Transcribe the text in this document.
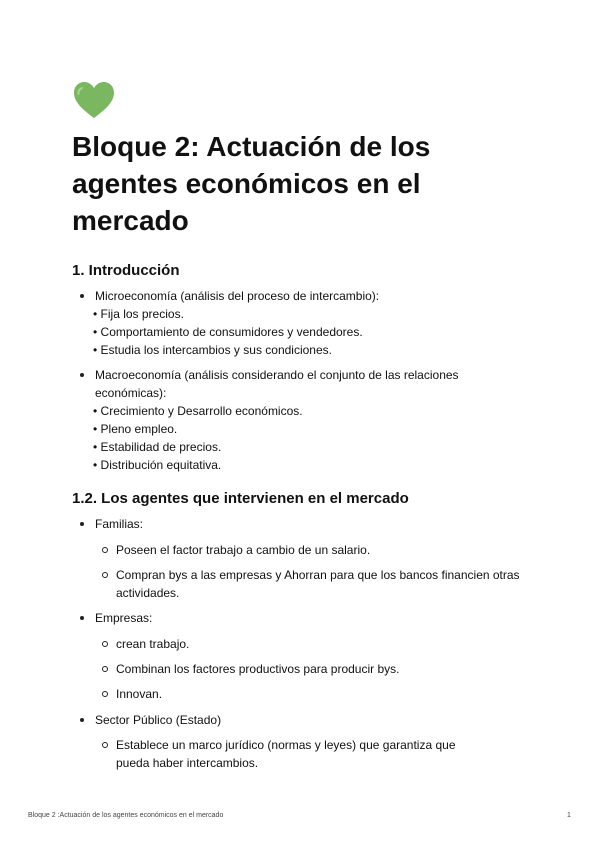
Bloque 2: Actuación de los agentes económicos en el mercado
1. Introducción
Microeconomía (análisis del proceso de intercambio):
• Fija los precios.
• Comportamiento de consumidores y vendedores.
• Estudia los intercambios y sus condiciones.
Macroeconomía (análisis considerando el conjunto de las relaciones económicas):
• Crecimiento y Desarrollo económicos.
• Pleno empleo.
• Estabilidad de precios.
• Distribución equitativa.
1.2. Los agentes que intervienen en el mercado
Familias:
Poseen el factor trabajo a cambio de un salario.
Compran bys a las empresas y Ahorran para que los bancos financien otras actividades.
Empresas:
crean trabajo.
Combinan los factores productivos para producir bys.
Innovan.
Sector Público (Estado)
Establece un marco jurídico (normas y leyes) que garantiza que pueda haber intercambios.
Bloque 2 :Actuación de los agentes económicos en el mercado	1
